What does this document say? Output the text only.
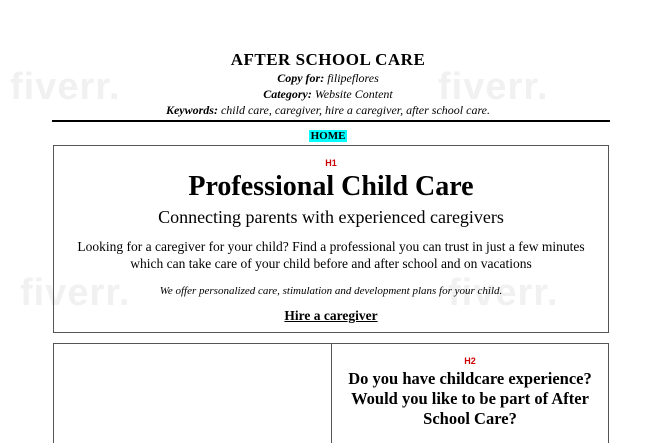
fiverr.	fiverr.
fiverr.	fiverr.
AFTER SCHOOL CARE
Copy for: filipeflores
Category: Website Content
Keywords: child care, caregiver, hire a caregiver, after school care.
HOME
H1
Professional Child Care
Connecting parents with experienced caregivers
Looking for a caregiver for your child? Find a professional you can trust in just a few minutes which can take care of your child before and after school and on vacations
We offer personalized care, stimulation and development plans for your child.
Hire a caregiver
H2
Do you have childcare experience? Would you like to be part of After School Care?
